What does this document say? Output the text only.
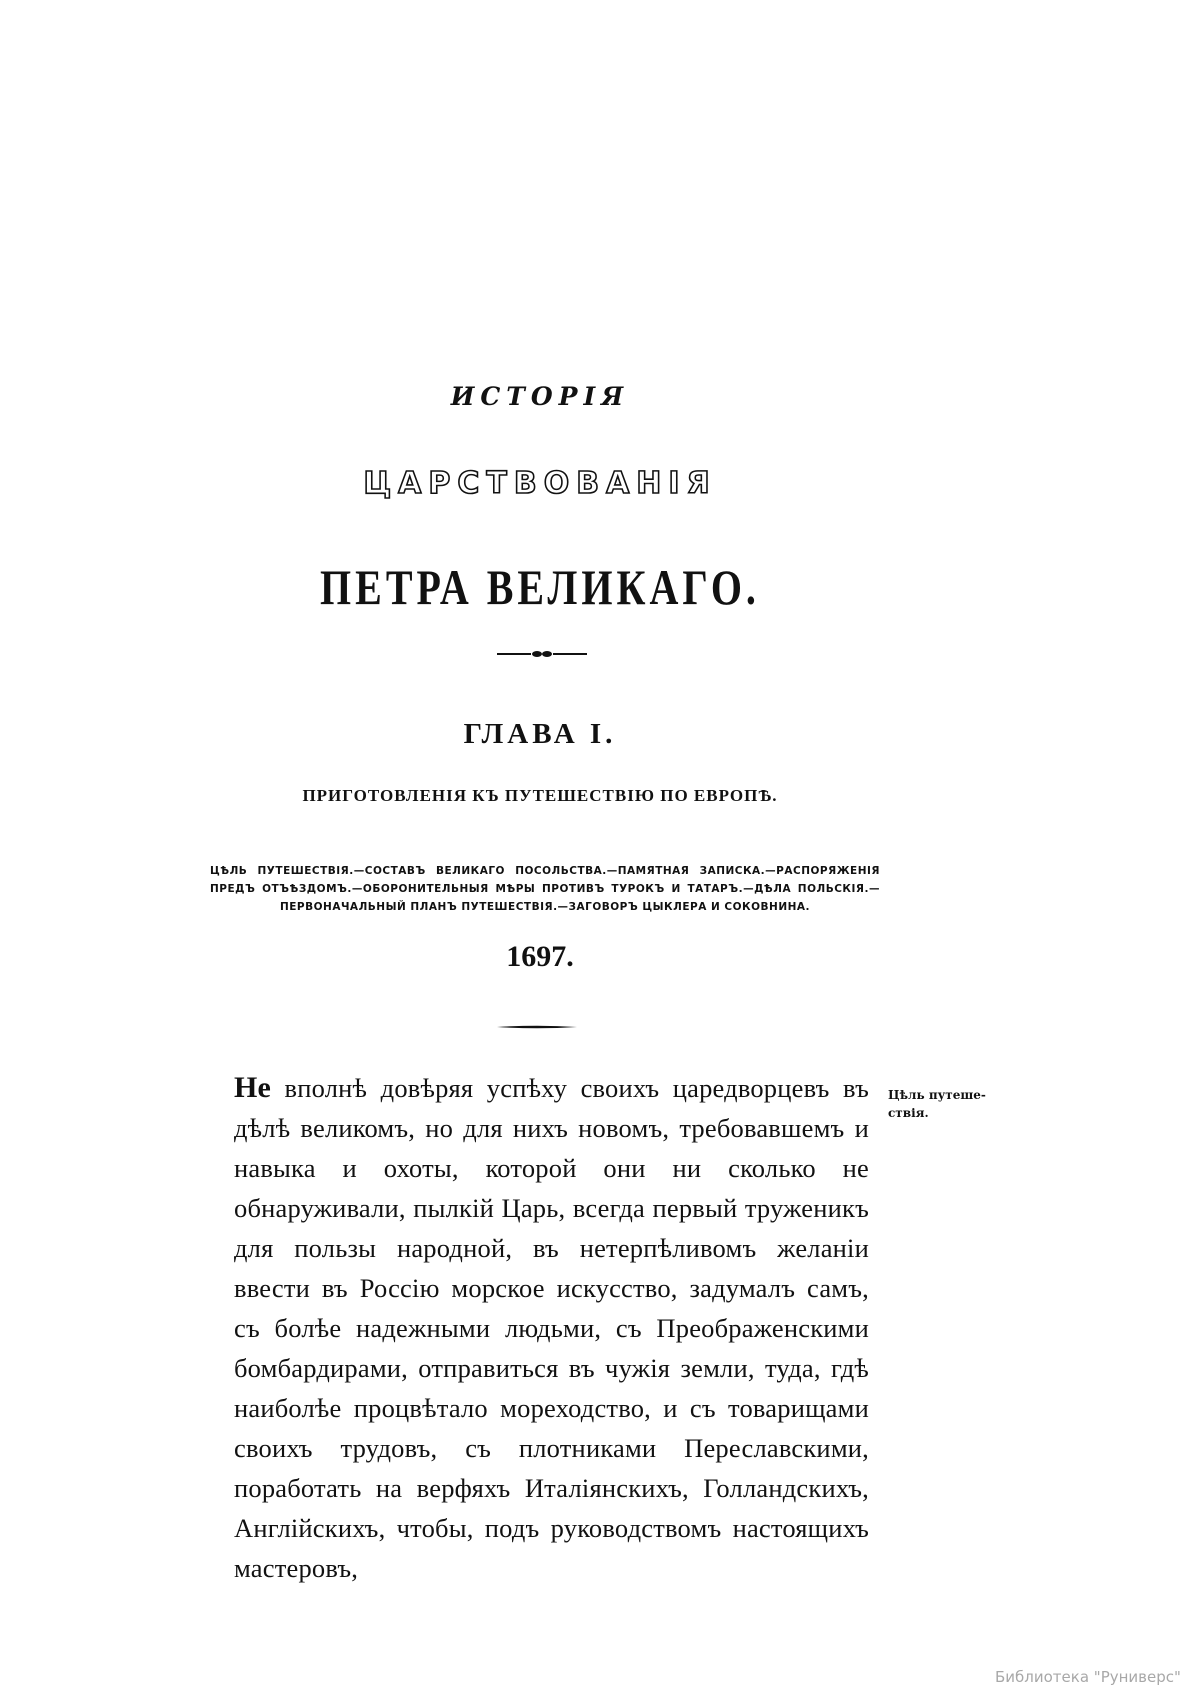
ИСТОРІЯ
ЦАРСТВОВАНІЯ
ПЕТРА ВЕЛИКАГО.
ГЛАВА I.
ПРИГОТОВЛЕНІЯ КЪ ПУТЕШЕСТВІЮ ПО ЕВРОПѢ.
ЦѢЛЬ ПУТЕШЕСТВІЯ.—СОСТАВЪ ВЕЛИКАГО ПОСОЛЬСТВА.—ПАМЯТНАЯ ЗАПИСКА.—РАСПОРЯЖЕНІЯ ПРЕДЪ ОТЪѢЗДОМЪ.—ОБОРОНИТЕЛЬНЫЯ МѢРЫ ПРОТИВЪ ТУРОКЪ И ТАТАРЪ.—ДѢЛА ПОЛЬСКІЯ.—ПЕРВОНАЧАЛЬНЫЙ ПЛАНЪ ПУТЕШЕСТВІЯ.—ЗАГОВОРЪ ЦЫКЛЕРА И СОКОВНИНА.
1697.
Не вполнѣ довѣряя успѣху своихъ царедворцевъ въ дѣлѣ великомъ, но для нихъ новомъ, требовавшемъ и навыка и охоты, которой они ни сколько не обнаруживали, пылкій Царь, всегда первый труженикъ для пользы народной, въ нетерпѣливомъ желаніи ввести въ Россію морское искусство, задумалъ самъ, съ болѣе надежными людьми, съ Преображенскими бомбардирами, отправиться въ чужія земли, туда, гдѣ наиболѣе процвѣтало мореходство, и съ товарищами своихъ трудовъ, съ плотниками Переславскими, поработать на верфяхъ Италіянскихъ, Голландскихъ, Англійскихъ, чтобы, подъ руководствомъ настоящихъ мастеровъ,
Цѣль путеше- ствія.
Библиотека "Руниверс"
